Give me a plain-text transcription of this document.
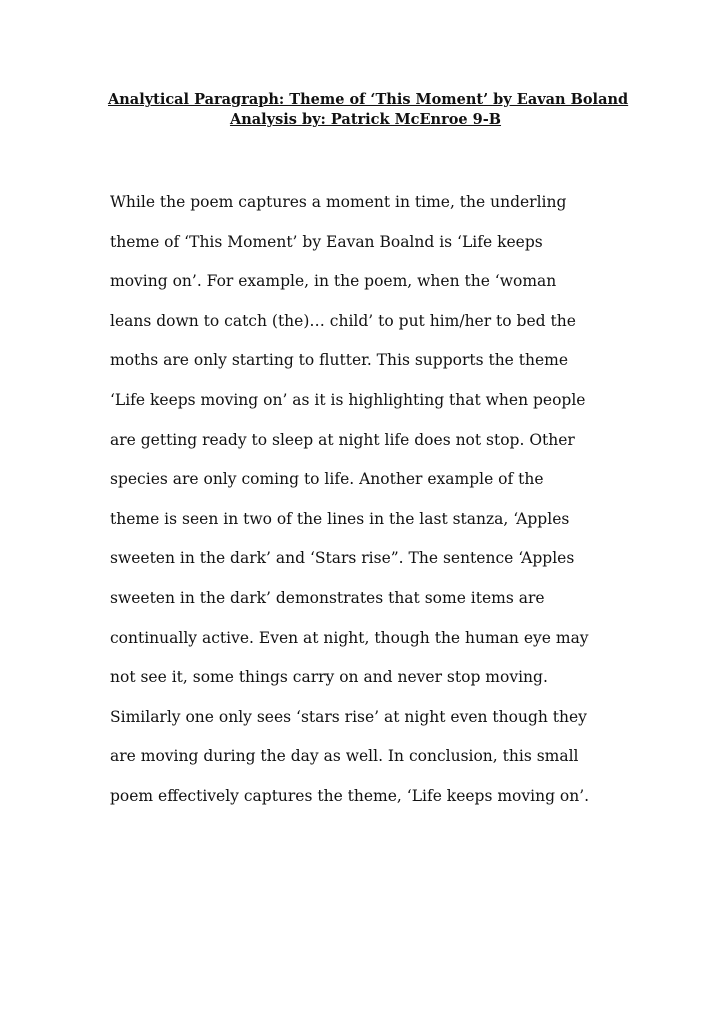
Analytical Paragraph: Theme of ‘This Moment’ by Eavan Boland
Analysis by: Patrick McEnroe 9-B
While the poem captures a moment in time, the underling
theme of ‘This Moment’ by Eavan Boalnd is ‘Life keeps
moving on’. For example, in the poem, when the ‘woman
leans down to catch (the)… child’ to put him/her to bed the
moths are only starting to flutter. This supports the theme
‘Life keeps moving on’ as it is highlighting that when people
are getting ready to sleep at night life does not stop. Other
species are only coming to life. Another example of the
theme is seen in two of the lines in the last stanza, ‘Apples
sweeten in the dark’ and ‘Stars rise”. The sentence ‘Apples
sweeten in the dark’ demonstrates that some items are
continually active. Even at night, though the human eye may
not see it, some things carry on and never stop moving.
Similarly one only sees ‘stars rise’ at night even though they
are moving during the day as well. In conclusion, this small
poem effectively captures the theme, ‘Life keeps moving on’.
